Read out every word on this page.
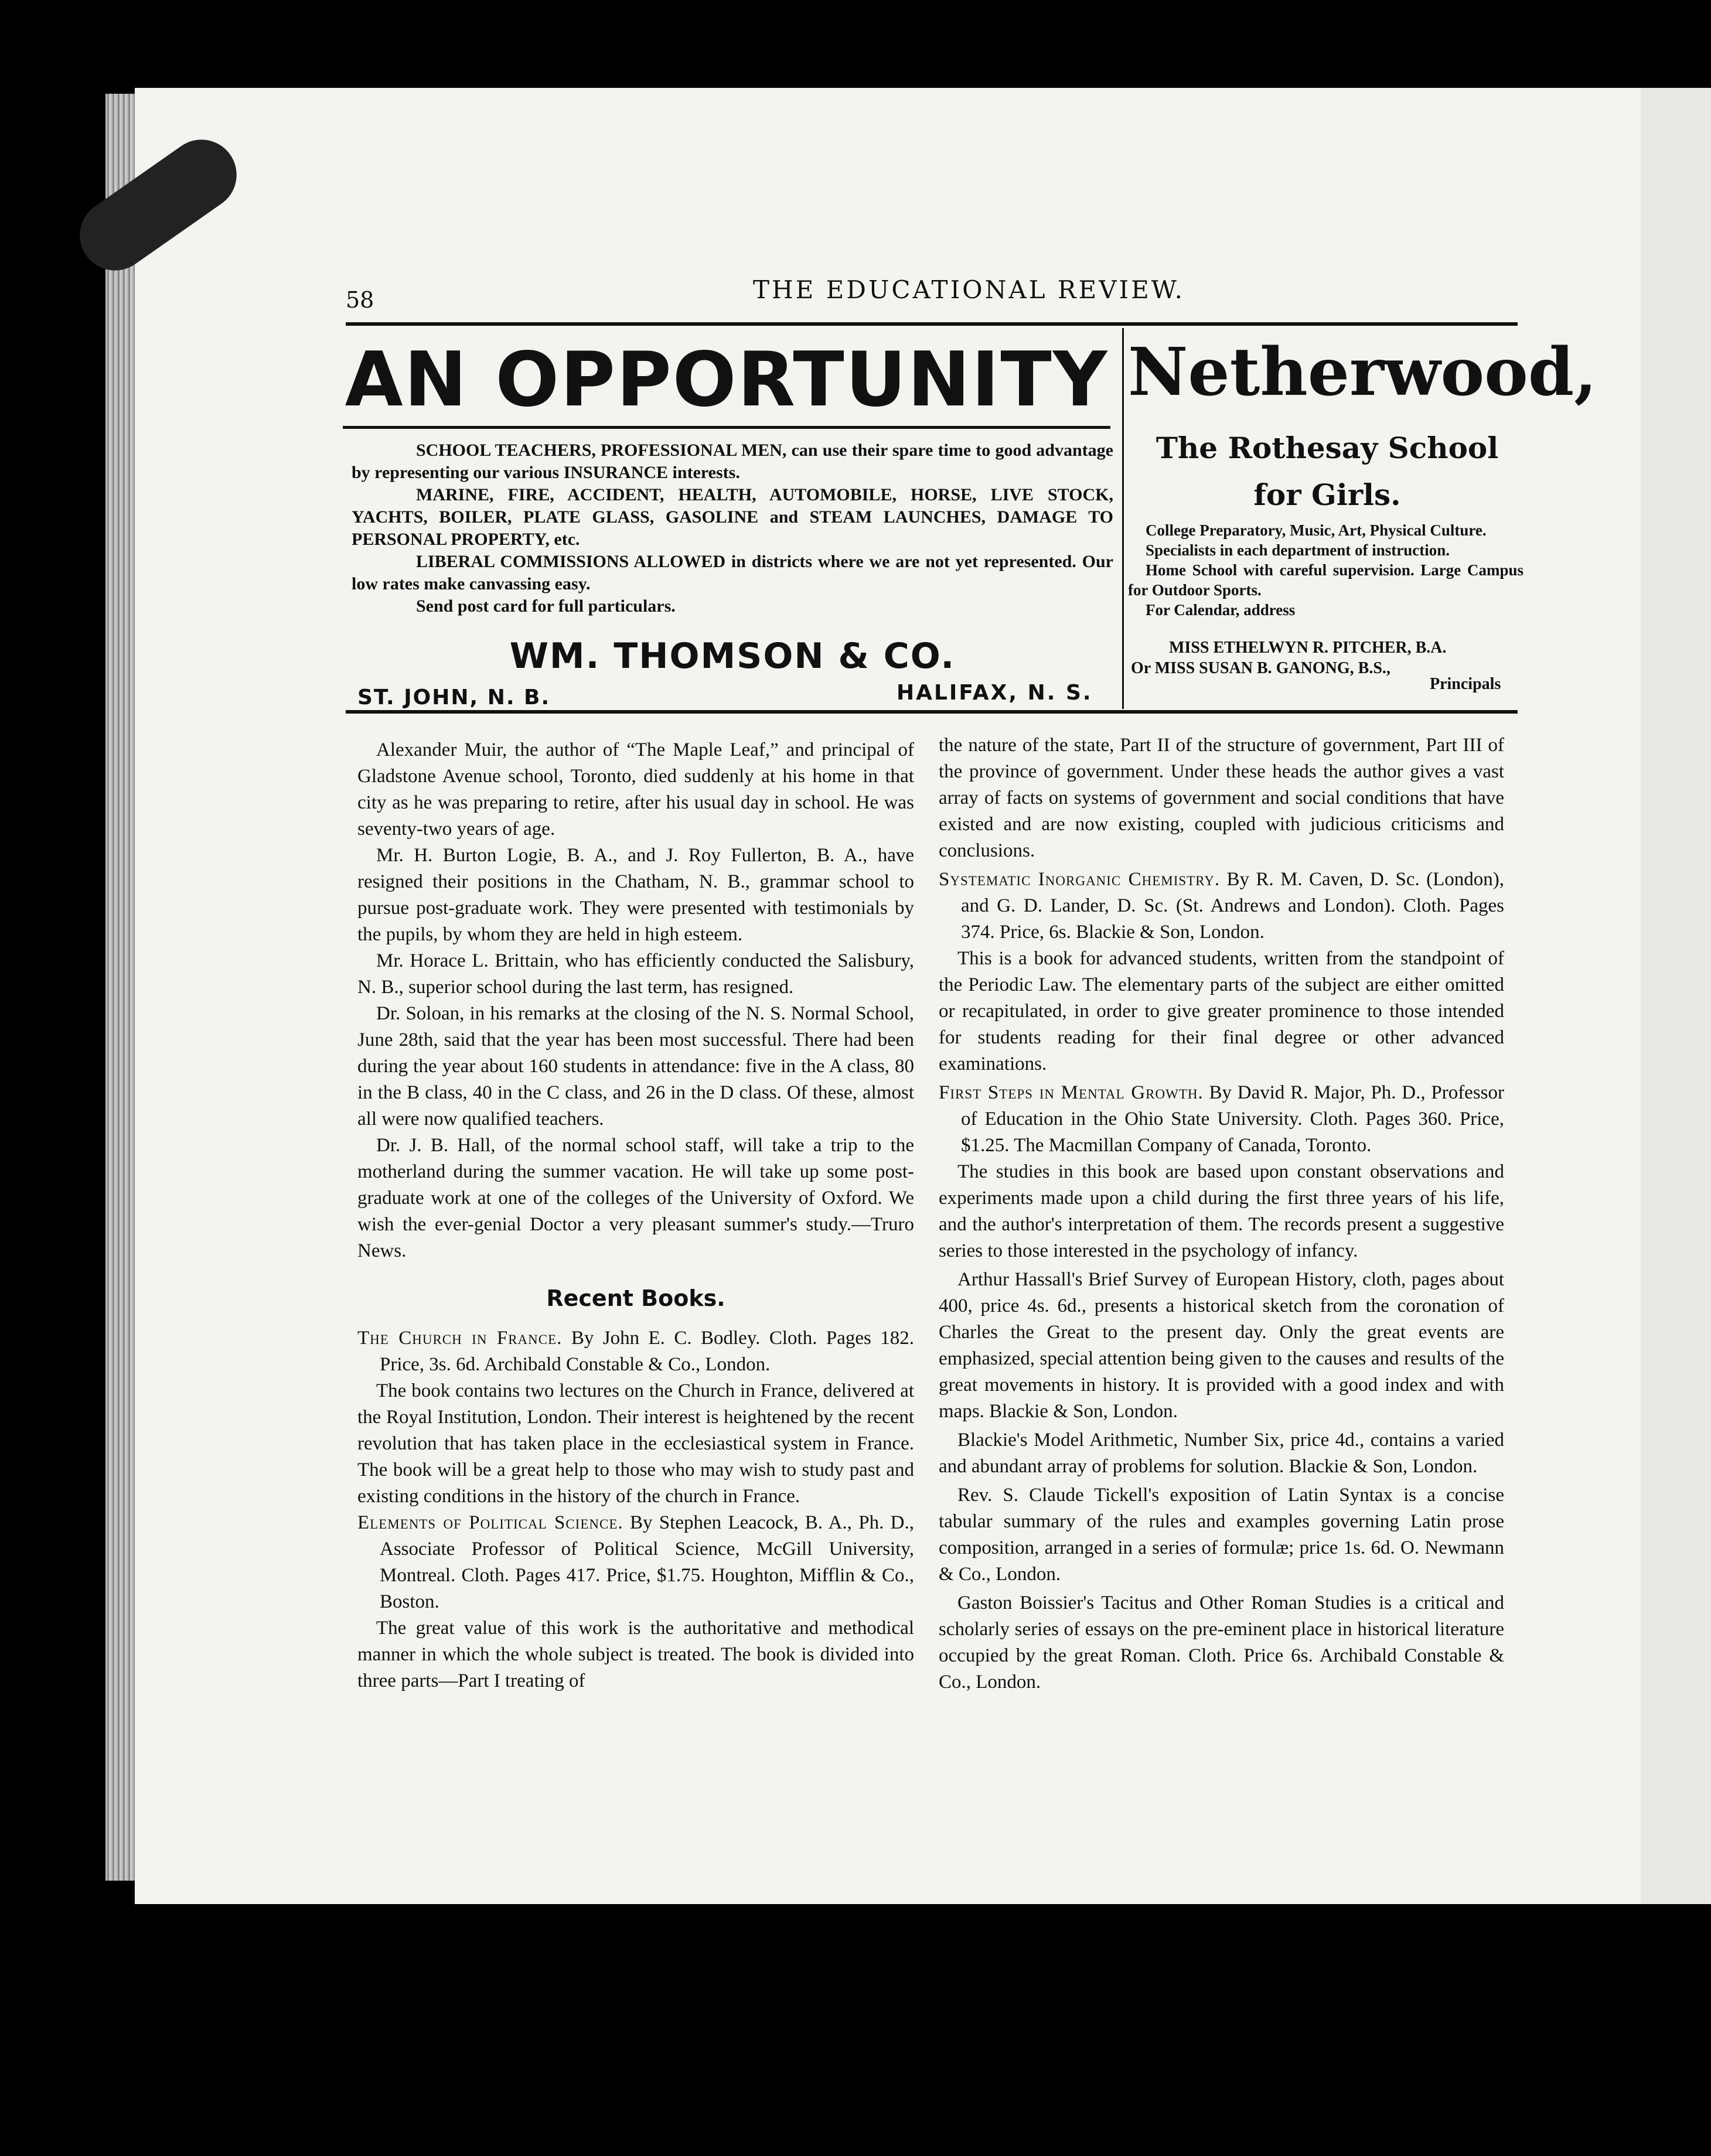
58	THE EDUCATIONAL REVIEW.
AN OPPORTUNITY

SCHOOL TEACHERS, PROFESSIONAL MEN, can use their spare time to good advantage by representing our various INSURANCE interests.

MARINE, FIRE, ACCIDENT, HEALTH, AUTOMOBILE, HORSE, LIVE STOCK, YACHTS, BOILER, PLATE GLASS, GASOLINE and STEAM LAUNCHES, DAMAGE TO PERSONAL PROPERTY, etc.

LIBERAL COMMISSIONS ALLOWED in districts where we are not yet represented. Our low rates make canvassing easy.

Send post card for full particulars.

WM. THOMSON & CO.
ST. JOHN, N. B.	HALIFAX, N. S.
Netherwood,
The Rothesay School
for Girls.

College Preparatory, Music, Art, Physical Culture.

Specialists in each department of instruction.

Home School with careful supervision. Large Campus for Outdoor Sports.

For Calendar, address

MISS ETHELWYN R. PITCHER, B.A.
Or MISS SUSAN B. GANONG, B.S.,
Principals

Alexander Muir, the author of “The Maple Leaf,” and principal of Gladstone Avenue school, Toronto, died suddenly at his home in that city as he was preparing to retire, after his usual day in school. He was seventy-two years of age.

Mr. H. Burton Logie, B. A., and J. Roy Fullerton, B. A., have resigned their positions in the Chatham, N. B., grammar school to pursue post-graduate work. They were presented with testimonials by the pupils, by whom they are held in high esteem.

Mr. Horace L. Brittain, who has efficiently conducted the Salisbury, N. B., superior school during the last term, has resigned.

Dr. Soloan, in his remarks at the closing of the N. S. Normal School, June 28th, said that the year has been most successful. There had been during the year about 160 students in attendance: five in the A class, 80 in the B class, 40 in the C class, and 26 in the D class. Of these, almost all were now qualified teachers.

Dr. J. B. Hall, of the normal school staff, will take a trip to the motherland during the summer vacation. He will take up some post-graduate work at one of the colleges of the University of Oxford. We wish the ever-genial Doctor a very pleasant summer's study.—Truro News.

Recent Books.

The Church in France. By John E. C. Bodley. Cloth. Pages 182. Price, 3s. 6d. Archibald Constable & Co., London.

The book contains two lectures on the Church in France, delivered at the Royal Institution, London. Their interest is heightened by the recent revolution that has taken place in the ecclesiastical system in France. The book will be a great help to those who may wish to study past and existing conditions in the history of the church in France.

Elements of Political Science. By Stephen Leacock, B. A., Ph. D., Associate Professor of Political Science, McGill University, Montreal. Cloth. Pages 417. Price, $1.75. Houghton, Mifflin & Co., Boston.

The great value of this work is the authoritative and methodical manner in which the whole subject is treated. The book is divided into three parts—Part I treating of

the nature of the state, Part II of the structure of government, Part III of the province of government. Under these heads the author gives a vast array of facts on systems of government and social conditions that have existed and are now existing, coupled with judicious criticisms and conclusions.

Systematic Inorganic Chemistry. By R. M. Caven, D. Sc. (London), and G. D. Lander, D. Sc. (St. Andrews and London). Cloth. Pages 374. Price, 6s. Blackie & Son, London.

This is a book for advanced students, written from the standpoint of the Periodic Law. The elementary parts of the subject are either omitted or recapitulated, in order to give greater prominence to those intended for students reading for their final degree or other advanced examinations.

First Steps in Mental Growth. By David R. Major, Ph. D., Professor of Education in the Ohio State University. Cloth. Pages 360. Price, $1.25. The Macmillan Company of Canada, Toronto.

The studies in this book are based upon constant observations and experiments made upon a child during the first three years of his life, and the author's interpretation of them. The records present a suggestive series to those interested in the psychology of infancy.

Arthur Hassall's Brief Survey of European History, cloth, pages about 400, price 4s. 6d., presents a historical sketch from the coronation of Charles the Great to the present day. Only the great events are emphasized, special attention being given to the causes and results of the great movements in history. It is provided with a good index and with maps. Blackie & Son, London.

Blackie's Model Arithmetic, Number Six, price 4d., contains a varied and abundant array of problems for solution. Blackie & Son, London.

Rev. S. Claude Tickell's exposition of Latin Syntax is a concise tabular summary of the rules and examples governing Latin prose composition, arranged in a series of formulæ; price 1s. 6d. O. Newmann & Co., London.

Gaston Boissier's Tacitus and Other Roman Studies is a critical and scholarly series of essays on the pre-eminent place in historical literature occupied by the great Roman. Cloth. Price 6s. Archibald Constable & Co., London.
